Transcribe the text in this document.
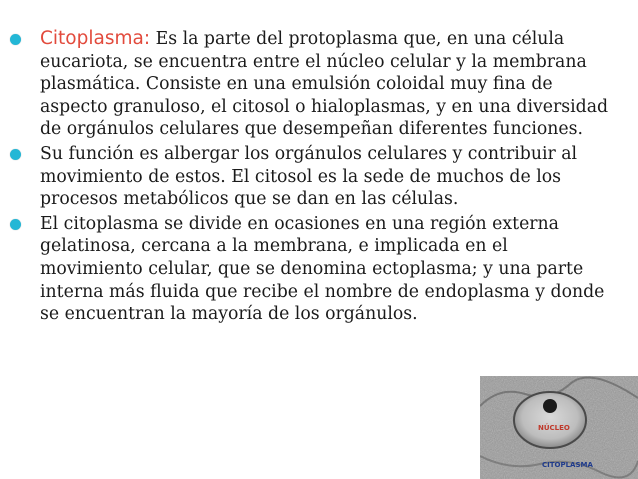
Citoplasma: Es la parte del protoplasma que, en una célula eucariota, se encuentra entre el núcleo celular y la membrana plasmática. Consiste en una emulsión coloidal muy fina de aspecto granuloso, el citosol o hialoplasmas, y en una diversidad de orgánulos celulares que desempeñan diferentes funciones.
Su función es albergar los orgánulos celulares y contribuir al movimiento de estos. El citosol es la sede de muchos de los procesos metabólicos que se dan en las células.
El citoplasma se divide en ocasiones en una región externa gelatinosa, cercana a la membrana, e implicada en el movimiento celular, que se denomina ectoplasma; y una parte interna más fluida que recibe el nombre de endoplasma y donde se encuentran la mayoría de los orgánulos.
NÚCLEO
CITOPLASMA
